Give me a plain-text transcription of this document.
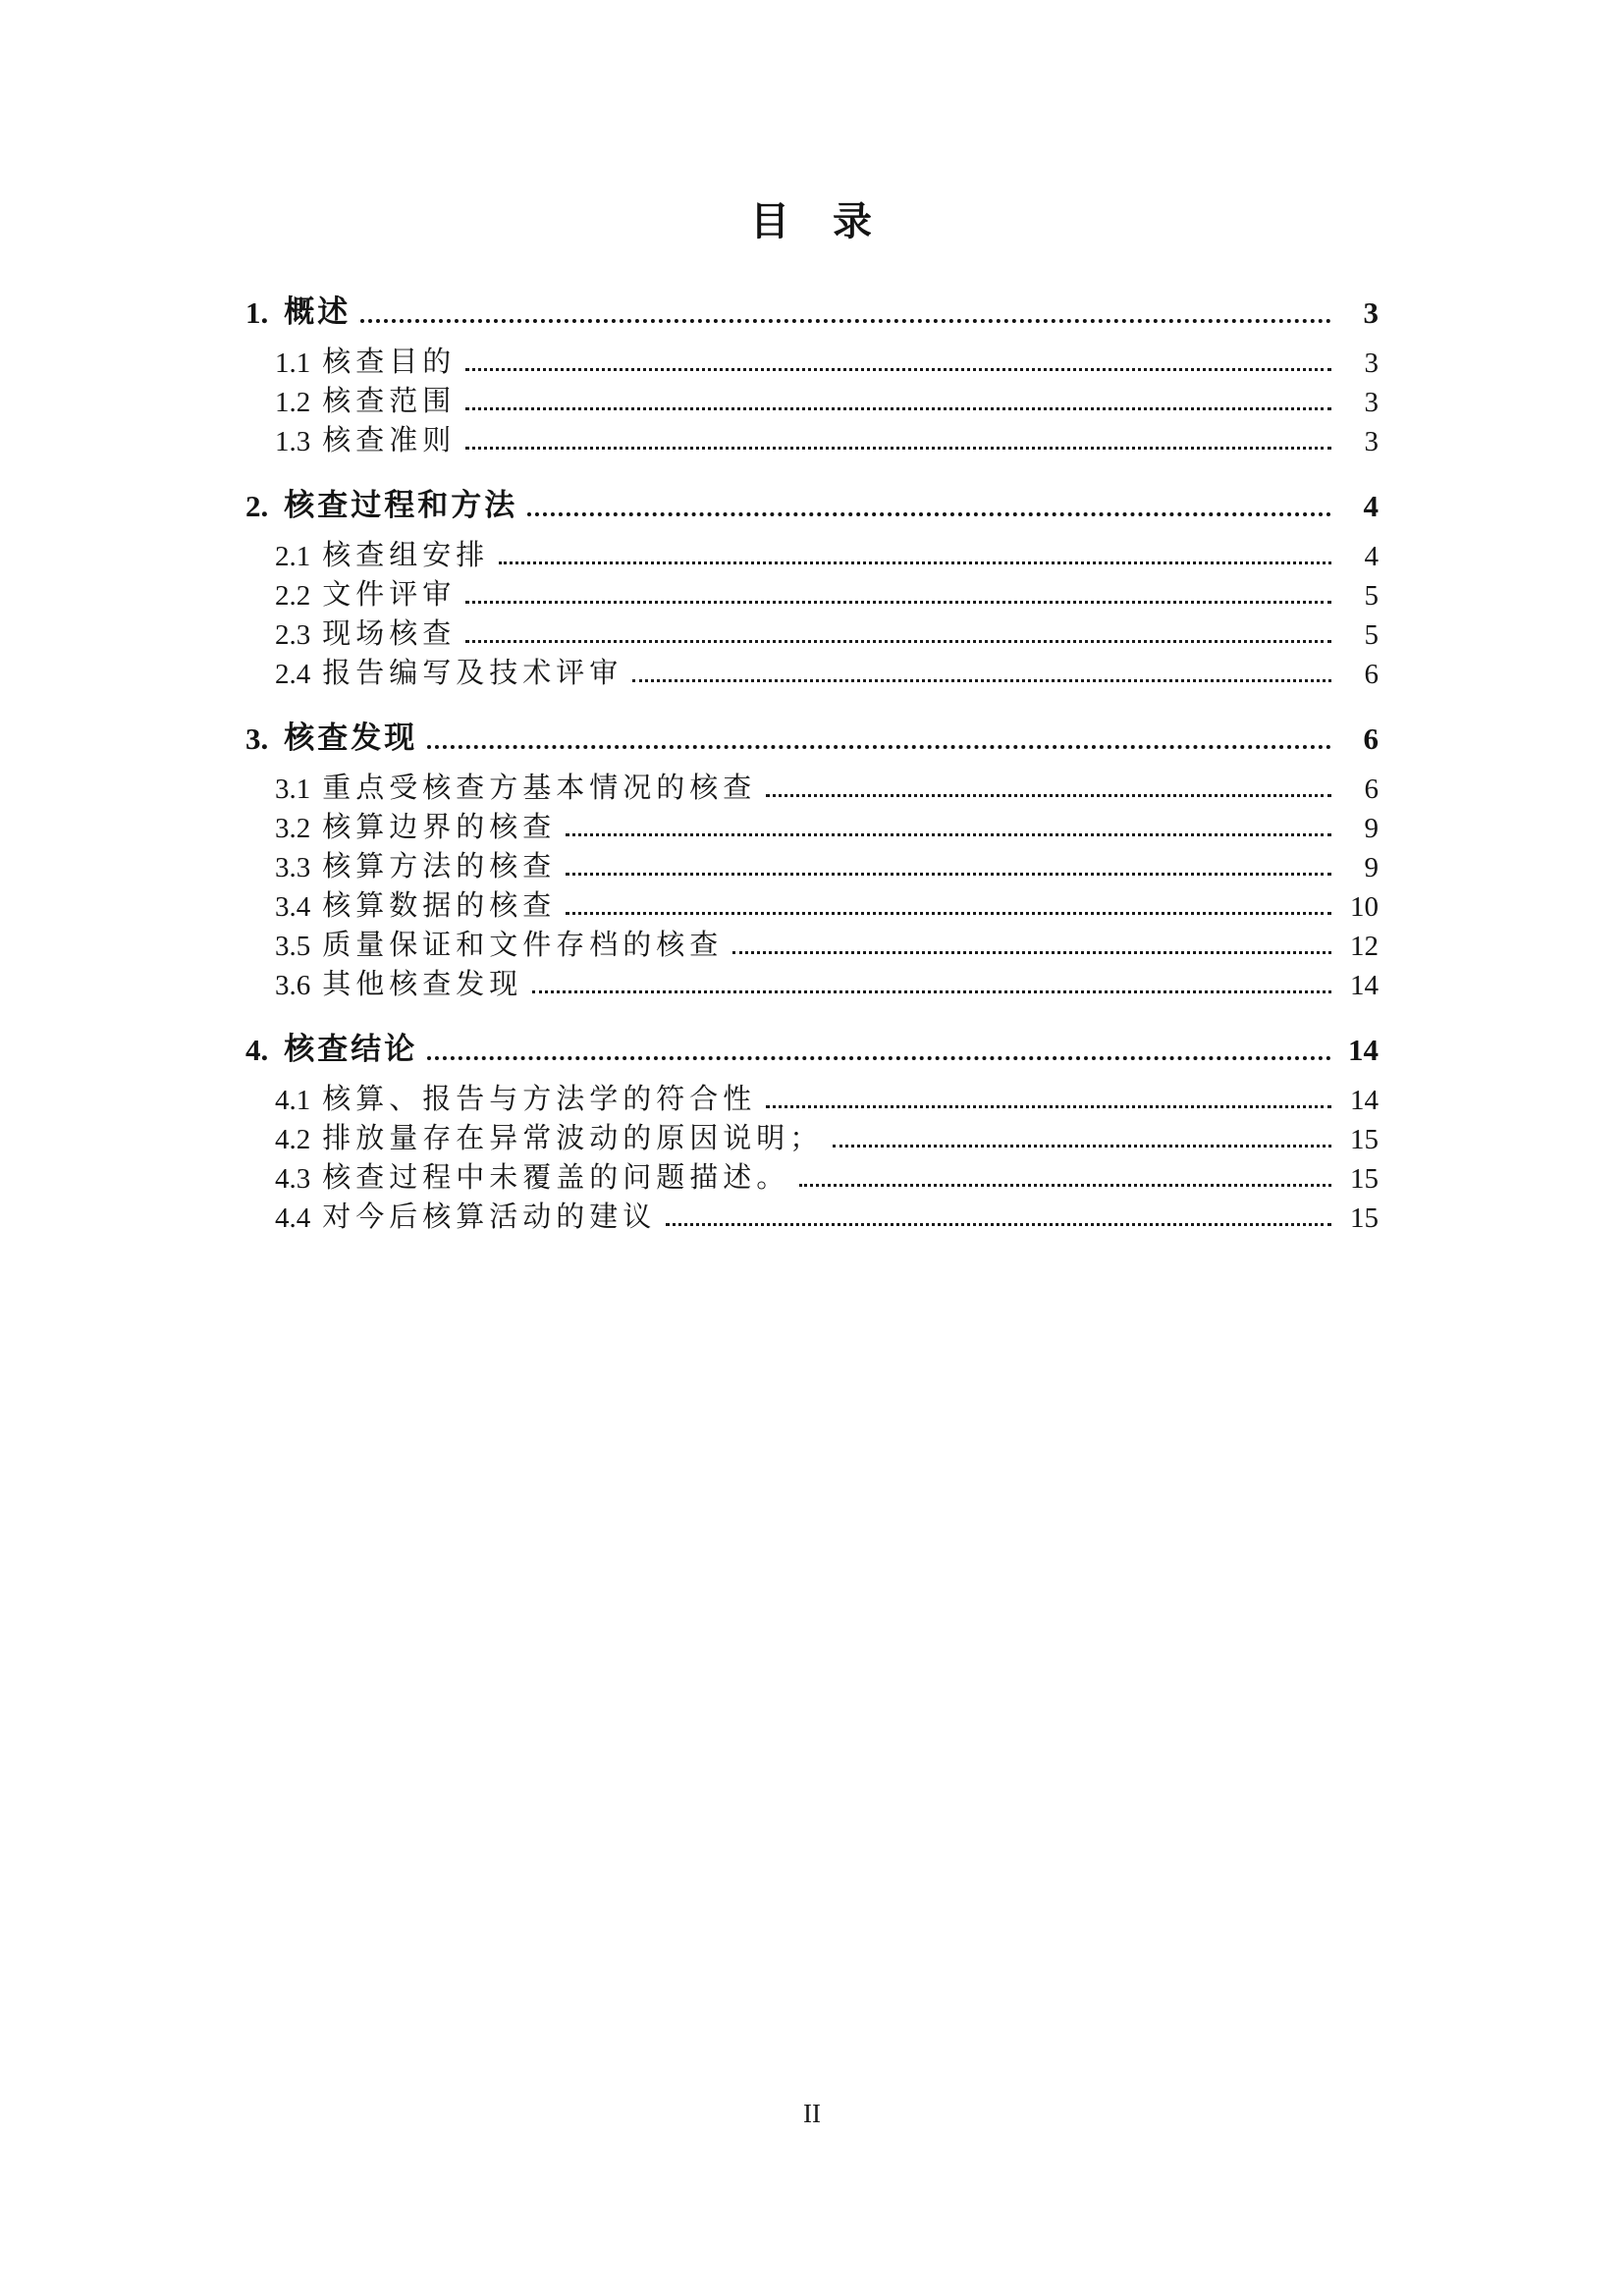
目　录
1. 概述	3
1.1 核查目的	3
1.2 核查范围	3
1.3 核查准则	3
2. 核查过程和方法	4
2.1 核查组安排	4
2.2 文件评审	5
2.3 现场核查	5
2.4 报告编写及技术评审	6
3. 核查发现	6
3.1 重点受核查方基本情况的核查	6
3.2 核算边界的核查	9
3.3 核算方法的核查	9
3.4 核算数据的核查	10
3.5 质量保证和文件存档的核查	12
3.6 其他核查发现	14
4. 核查结论	14
4.1 核算、报告与方法学的符合性	14
4.2 排放量存在异常波动的原因说明；	15
4.3 核查过程中未覆盖的问题描述。	15
4.4 对今后核算活动的建议	15
II
